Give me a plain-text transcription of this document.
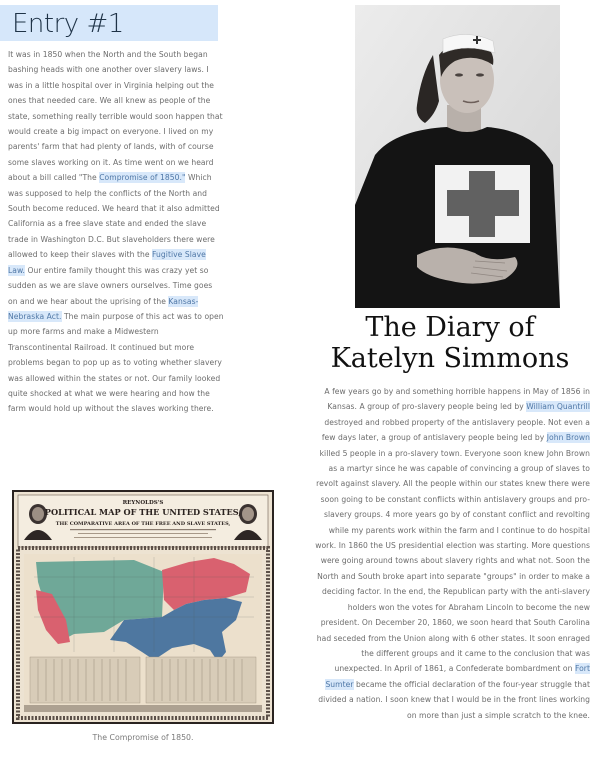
Entry #1
It was in 1850 when the North and the South began bashing heads with one another over slavery laws. I was in a little hospital over in Virginia helping out the ones that needed care. We all knew as people of the state, something really terrible would soon happen that would create a big impact on everyone. I lived on my parents' farm that had plenty of lands, with of course some slaves working on it. As time went on we heard about a bill called "The Compromise of 1850." Which was supposed to help the conflicts of the North and South become reduced. We heard that it also admitted California as a free slave state and ended the slave trade in Washington D.C. But slaveholders there were allowed to keep their slaves with the Fugitive Slave Law. Our entire family thought this was crazy yet so sudden as we are slave owners ourselves. Time goes on and we hear about the uprising of the Kansas-Nebraska Act. The main purpose of this act was to open up more farms and make a Midwestern Transcontinental Railroad. It continued but more problems began to pop up as to voting whether slavery was allowed within the states or not. Our family looked quite shocked at what we were hearing and how the farm would hold up without the slaves working there.
REYNOLDS'S
POLITICAL MAP OF THE UNITED STATES,
THE COMPARATIVE AREA OF THE FREE AND SLAVE STATES,
The Compromise of 1850.
The Diary of
Katelyn Simmons
A few years go by and something horrible happens in May of 1856 in Kansas. A group of pro-slavery people being led by William Quantrill destroyed and robbed property of the antislavery people. Not even a few days later, a group of antislavery people being led by John Brown killed 5 people in a pro-slavery town. Everyone soon knew John Brown as a martyr since he was capable of convincing a group of slaves to revolt against slavery. All the people within our states knew there were soon going to be constant conflicts within antislavery groups and pro-slavery groups. 4 more years go by of constant conflict and revolting while my parents work within the farm and I continue to do hospital work. In 1860 the US presidential election was starting. More questions were going around towns about slavery rights and what not. Soon the North and South broke apart into separate "groups" in order to make a deciding factor. In the end, the Republican party with the anti-slavery holders won the votes for Abraham Lincoln to become the new president. On December 20, 1860, we soon heard that South Carolina had seceded from the Union along with 6 other states. It soon enraged the different groups and it came to the conclusion that was unexpected. In April of 1861, a Confederate bombardment on Fort Sumter became the official declaration of the four-year struggle that divided a nation. I soon knew that I would be in the front lines working on more than just a simple scratch to the knee.
